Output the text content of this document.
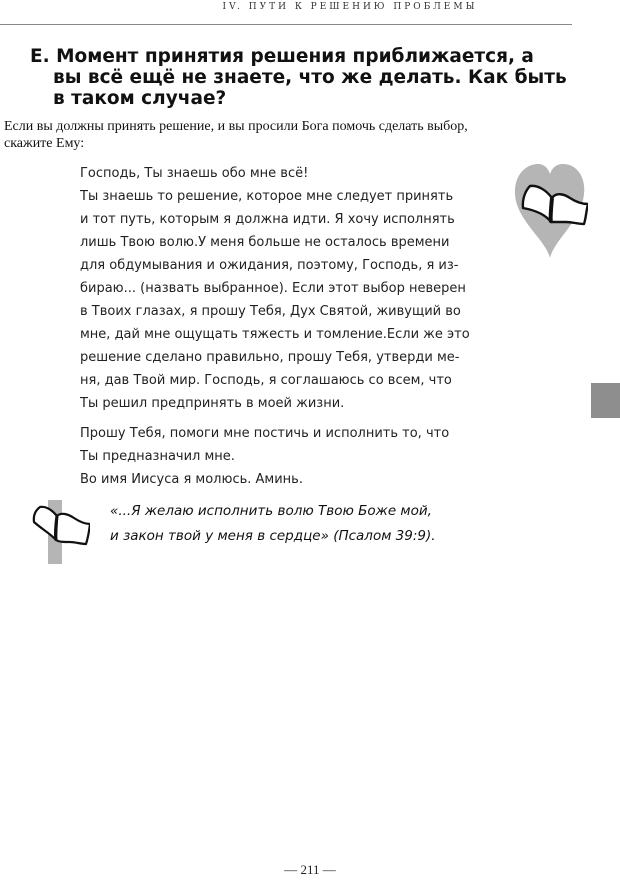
IV. ПУТИ К РЕШЕНИЮ ПРОБЛЕМЫ
Е. Момент принятия решения приближается, а
вы всё ещё не знаете, что же делать. Как быть
в таком случае?

Если вы должны принять решение, и вы просили Бога помочь сделать выбор,
скажите Ему:

Господь, Ты знаешь обо мне всё!
Ты знаешь то решение, которое мне следует принять
и тот путь, которым я должна идти. Я хочу исполнять
лишь Твою волю.У меня больше не осталось времени
для обдумывания и ожидания, поэтому, Господь, я из-
бираю... (назвать выбранное). Если этот выбор неверен
в Твоих глазах, я прошу Тебя, Дух Святой, живущий во
мне, дай мне ощущать тяжесть и томление.Если же это
решение сделано правильно, прошу Тебя, утверди ме-
ня, дав Твой мир. Господь, я соглашаюсь со всем, что
Ты решил предпринять в моей жизни.
Прошу Тебя, помоги мне постичь и исполнить то, что
Ты предназначил мне.
Во имя Иисуса я молюсь. Аминь.
«...Я желаю исполнить волю Твою Боже мой,
и закон твой у меня в сердце» (Псалом 39:9).
— 211 —
